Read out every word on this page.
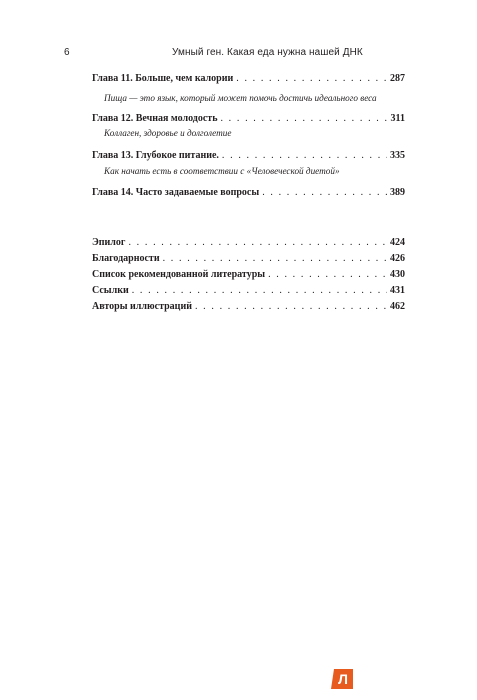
6	Умный ген. Какая еда нужна нашей ДНК
Глава 11. Больше, чем калории . . .	287
Пища — это язык, который может помочь достичь идеального веса
Глава 12. Вечная молодость . . .	311
Коллаген, здоровье и долголетие
Глава 13. Глубокое питание. . . .	335
Как начать есть в соответствии с «Человеческой диетой»
Глава 14. Часто задаваемые вопросы . . .	389
Эпилог . . .	424
Благодарности . . .	426
Список рекомендованной литературы . . .	430
Ссылки . . .	431
Авторы иллюстраций . . .	462
Л
